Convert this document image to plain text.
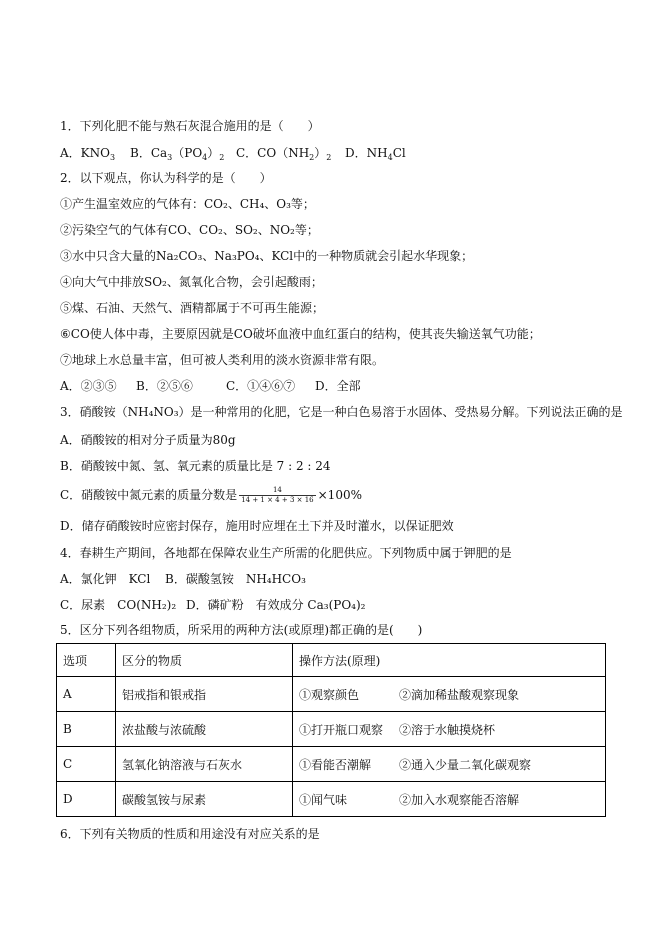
1．下列化肥不能与熟石灰混合施用的是（　　）
A．$KNO_3$ B．$Ca_3(PO_4)_2$ C．$CO(NH_2)_2$ D．$NH_4Cl$
2．以下观点，你认为科学的是（　　）
①产生温室效应的气体有：CO₂、CH₄、O₃等；
②污染空气的气体有CO、CO₂、SO₂、NO₂等；
③水中只含大量的Na₂CO₃、Na₃PO₄、KCl中的一种物质就会引起水华现象；
④向大气中排放SO₂、氮氧化合物，会引起酸雨；
⑤煤、石油、天然气、酒精都属于不可再生能源；
⑥CO使人体中毒，主要原因就是CO破坏血液中血红蛋白的结构，使其丧失输送氧气功能；
⑦地球上水总量丰富，但可被人类利用的淡水资源非常有限。
A．②③⑤ B．②⑤⑥	C．①④⑥⑦ D．全部
3．硝酸铵（NH₄NO₃）是一种常用的化肥，它是一种白色易溶于水固体、受热易分解。下列说法正确的是
A．硝酸铵的相对分子质量为80g
B．硝酸铵中氮、氢、氧元素的质量比是 7 : 2 : 24
C．硝酸铵中氮元素的质量分数是 $\frac{14}{14 + 1 \times 4 + 3 \times 16} \times 100\%$
D．储存硝酸铵时应密封保存，施用时应埋在土下并及时灌水，以保证肥效
4．春耕生产期间，各地都在保障农业生产所需的化肥供应。下列物质中属于钾肥的是
A．氯化钾　KCl B．碳酸氢铵　NH₄HCO₃
C．尿素　CO(NH₂)₂ D．磷矿粉　有效成分 Ca₃(PO₄)₂
5．区分下列各组物质，所采用的两种方法(或原理)都正确的是(　　)
选项	区分的物质	操作方法(原理)
A	铝戒指和银戒指	①观察颜色 ②滴加稀盐酸观察现象
B	浓盐酸与浓硫酸	①打开瓶口观察 ②溶于水触摸烧杯
C	氢氧化钠溶液与石灰水	①看能否潮解 ②通入少量二氧化碳观察
D	碳酸氢铵与尿素	①闻气味 ②加入水观察能否溶解
6．下列有关物质的性质和用途没有对应关系的是
